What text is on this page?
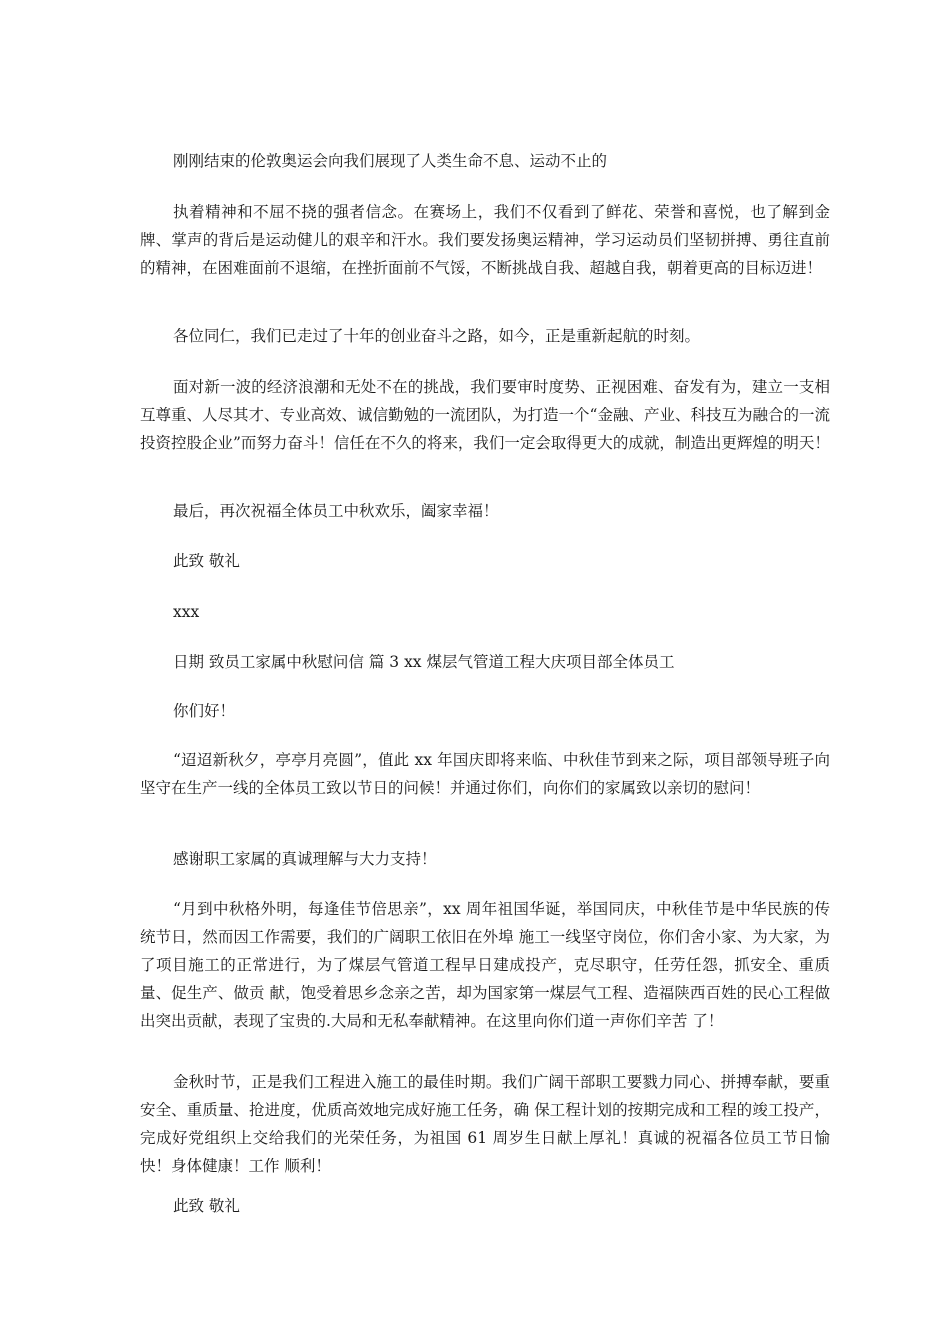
刚刚结束的伦敦奥运会向我们展现了人类生命不息、运动不止的

执着精神和不屈不挠的强者信念。在赛场上，我们不仅看到了鲜花、荣誉和喜悦，也了解到金牌、掌声的背后是运动健儿的艰辛和汗水。我们要发扬奥运精神，学习运动员们坚韧拼搏、勇往直前的精神，在困难面前不退缩，在挫折面前不气馁，不断挑战自我、超越自我，朝着更高的目标迈进！

各位同仁，我们已走过了十年的创业奋斗之路，如今，正是重新起航的时刻。

面对新一波的经济浪潮和无处不在的挑战，我们要审时度势、正视困难、奋发有为，建立一支相互尊重、人尽其才、专业高效、诚信勤勉的一流团队，为打造一个“金融、产业、科技互为融合的一流投资控股企业”而努力奋斗！信任在不久的将来，我们一定会取得更大的成就，制造出更辉煌的明天！

最后，再次祝福全体员工中秋欢乐，阖家幸福！

此致 敬礼

xxx

日期 致员工家属中秋慰问信 篇 3 xx 煤层气管道工程大庆项目部全体员工

你们好！

“迢迢新秋夕，亭亭月亮圆”，值此 xx 年国庆即将来临、中秋佳节到来之际，项目部领导班子向坚守在生产一线的全体员工致以节日的问候！并通过你们，向你们的家属致以亲切的慰问！

感谢职工家属的真诚理解与大力支持！

“月到中秋格外明，每逢佳节倍思亲”，xx 周年祖国华诞，举国同庆，中秋佳节是中华民族的传统节日，然而因工作需要，我们的广阔职工依旧在外埠 施工一线坚守岗位，你们舍小家、为大家，为了项目施工的正常进行，为了煤层气管道工程早日建成投产，克尽职守，任劳任怨，抓安全、重质量、促生产、做贡 献，饱受着思乡念亲之苦，却为国家第一煤层气工程、造福陕西百姓的民心工程做出突出贡献，表现了宝贵的.大局和无私奉献精神。在这里向你们道一声你们辛苦 了！

金秋时节，正是我们工程进入施工的最佳时期。我们广阔干部职工要戮力同心、拼搏奉献，要重安全、重质量、抢进度，优质高效地完成好施工任务，确 保工程计划的按期完成和工程的竣工投产，完成好党组织上交给我们的光荣任务，为祖国 61 周岁生日献上厚礼！真诚的祝福各位员工节日愉快！身体健康！工作 顺利！

此致 敬礼
